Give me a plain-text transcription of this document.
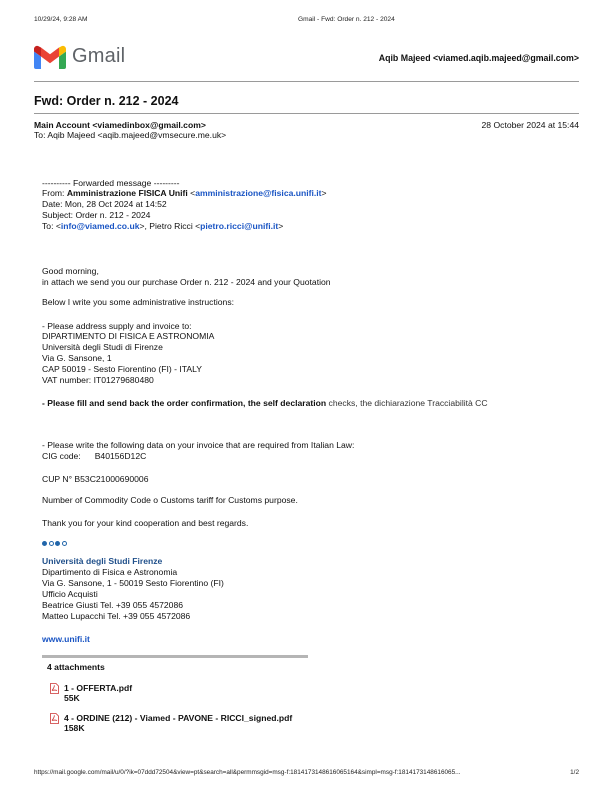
10/29/24, 9:28 AM	Gmail - Fwd: Order n. 212 - 2024
Gmail	Aqib Majeed <viamed.aqib.majeed@gmail.com>
Fwd: Order n. 212 - 2024
Main Account <viamedinbox@gmail.com>	28 October 2024 at 15:44
To: Aqib Majeed <aqib.majeed@vmsecure.me.uk>
---------- Forwarded message ---------
From: Amministrazione FISICA Unifi <amministrazione@fisica.unifi.it>
Date: Mon, 28 Oct 2024 at 14:52
Subject: Order n. 212 - 2024
To: <info@viamed.co.uk>, Pietro Ricci <pietro.ricci@unifi.it>
Good morning,
in attach we send you our purchase Order n. 212 - 2024 and your Quotation
Below I write you some administrative instructions:
- Please address supply and invoice to:
DIPARTIMENTO DI FISICA E ASTRONOMIA
Università degli Studi di Firenze
Via G. Sansone, 1
CAP 50019 - Sesto Fiorentino (FI) - ITALY
VAT number: IT01279680480
- Please fill and send back the order confirmation, the self declaration checks, the dichiarazione Tracciabilità CC
- Please write the following data on your invoice that are required from Italian Law:
CIG code: B40156D12C
CUP N° B53C21000690006
Number of Commodity Code o Customs tariff for Customs purpose.
Thank you for your kind cooperation and best regards.
Università degli Studi Firenze
Dipartimento di Fisica e Astronomia
Via G. Sansone, 1 - 50019 Sesto Fiorentino (FI)
Ufficio Acquisti
Beatrice Giusti Tel. +39 055 4572086
Matteo Lupacchi Tel. +39 055 4572086
www.unifi.it
4 attachments
1 - OFFERTA.pdf
55K
4 - ORDINE (212) - Viamed - PAVONE - RICCI_signed.pdf
158K
https://mail.google.com/mail/u/0/?ik=07ddd72504&view=pt&search=all&permmsgid=msg-f:1814173148616065164&simpl=msg-f:1814173148616065...	1/2
